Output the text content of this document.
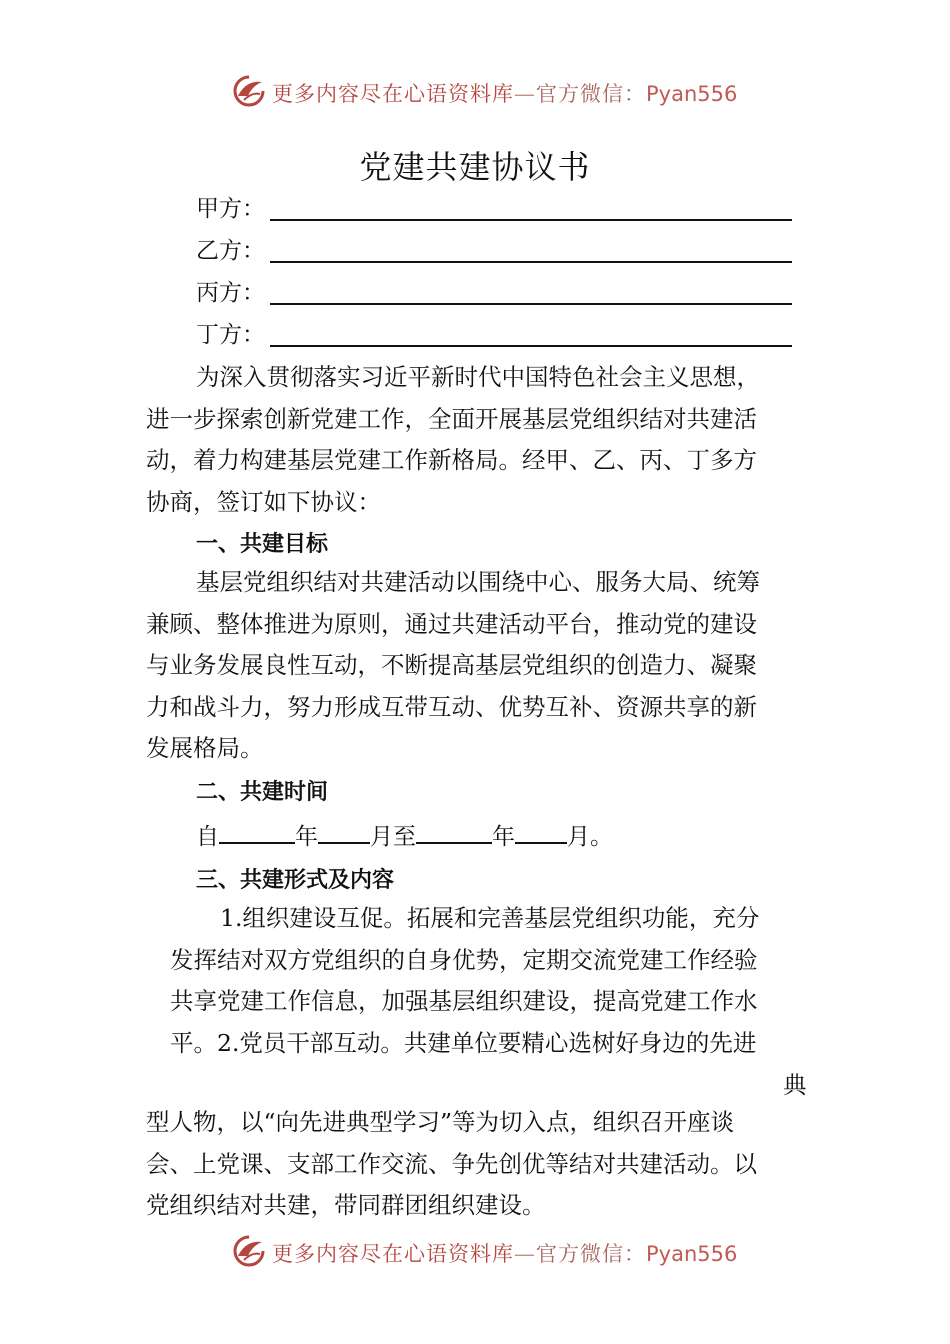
更多内容尽在心语资料库—官方微信：Pyan556
党建共建协议书
甲方：
乙方：
丙方：
丁方：
为深入贯彻落实习近平新时代中国特色社会主义思想，
进一步探索创新党建工作，全面开展基层党组织结对共建活
动，着力构建基层党建工作新格局。经甲、乙、丙、丁多方
协商，签订如下协议：
一、共建目标
基层党组织结对共建活动以围绕中心、服务大局、统筹
兼顾、整体推进为原则，通过共建活动平台，推动党的建设
与业务发展良性互动，不断提高基层党组织的创造力、凝聚
力和战斗力，努力形成互带互动、优势互补、资源共享的新
发展格局。
二、共建时间
自	年 月至	年 月。
三、共建形式及内容
1.组织建设互促。拓展和完善基层党组织功能，充分
发挥结对双方党组织的自身优势，定期交流党建工作经验
共享党建工作信息，加强基层组织建设，提高党建工作水
平。2.党员干部互动。共建单位要精心选树好身边的先进
典
型人物，以“向先进典型学习”等为切入点，组织召开座谈
会、上党课、支部工作交流、争先创优等结对共建活动。以
党组织结对共建，带同群团组织建设。
更多内容尽在心语资料库—官方微信：Pyan556
